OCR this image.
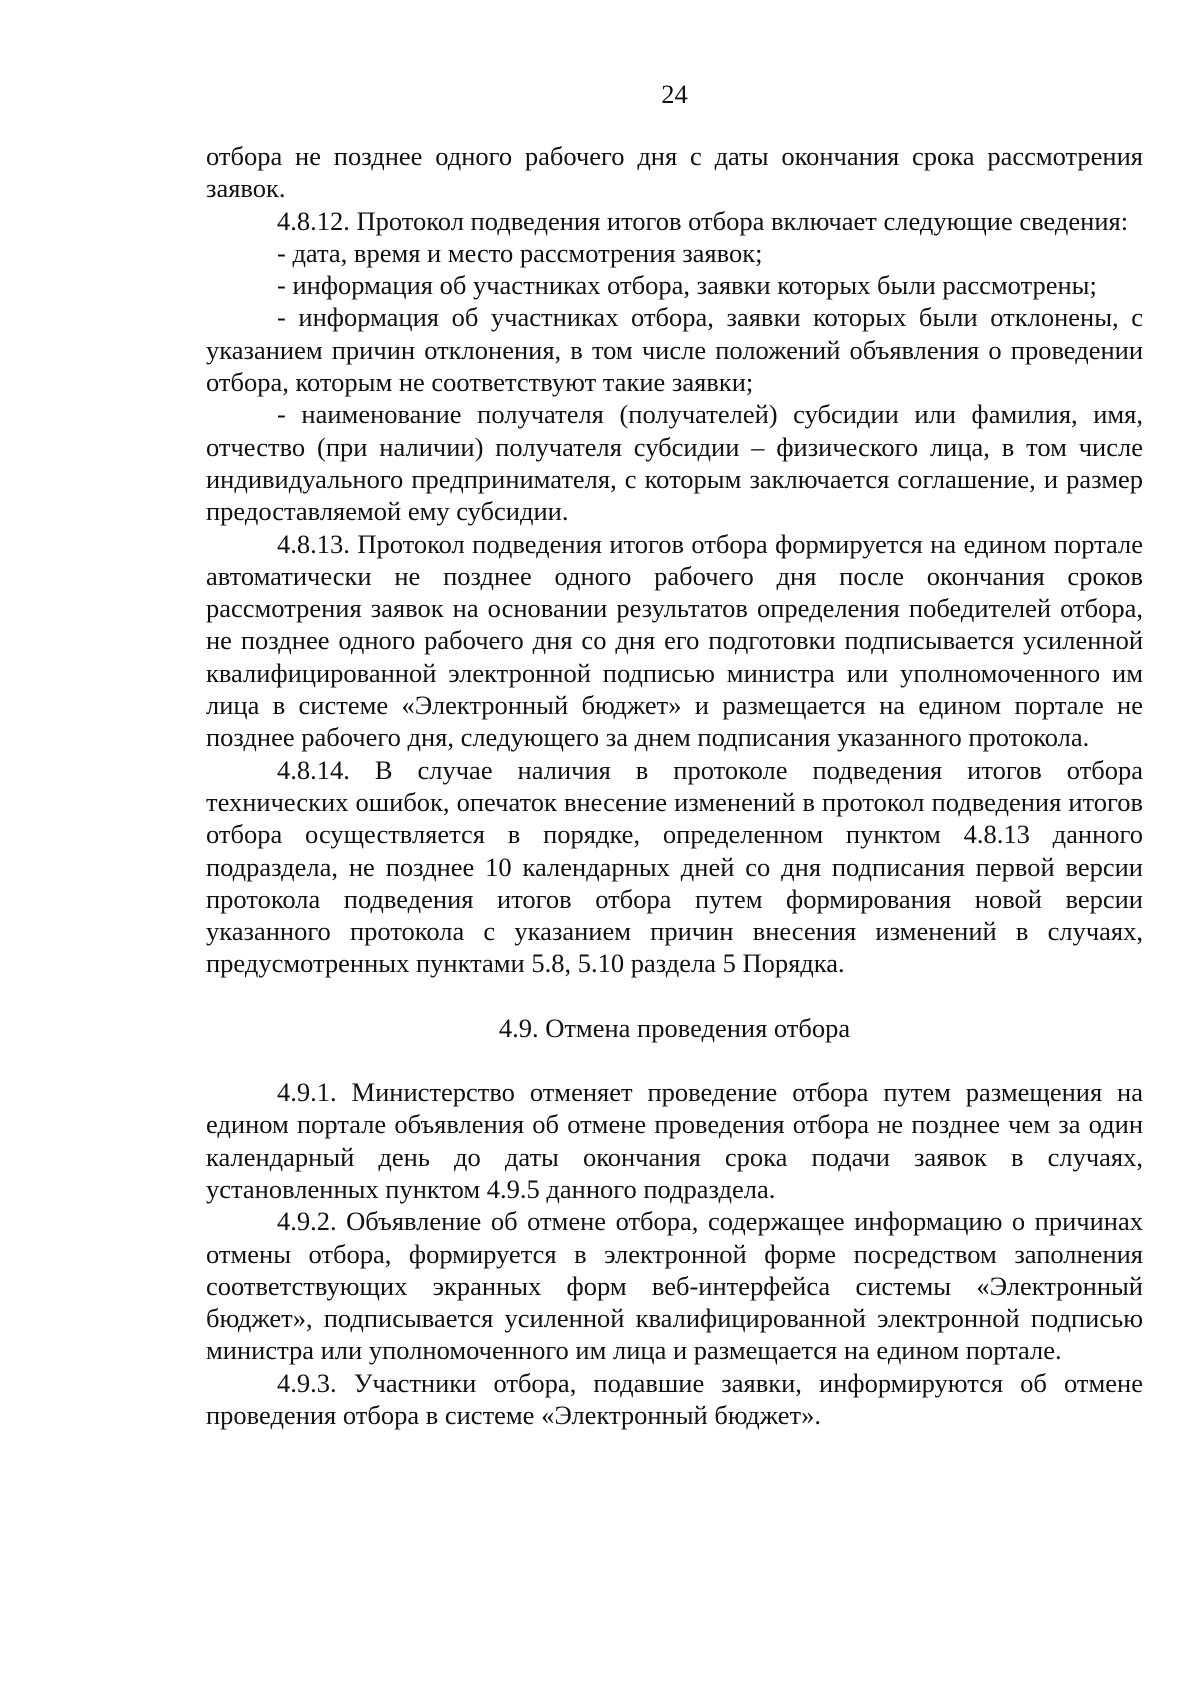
24

отбора не позднее одного рабочего дня с даты окончания срока рассмотрения заявок.

4.8.12. Протокол подведения итогов отбора включает следующие сведения:

- дата, время и место рассмотрения заявок;

- информация об участниках отбора, заявки которых были рассмотрены;

- информация об участниках отбора, заявки которых были отклонены, с указанием причин отклонения, в том числе положений объявления о проведении отбора, которым не соответствуют такие заявки;

- наименование получателя (получателей) субсидии или фамилия, имя, отчество (при наличии) получателя субсидии – физического лица, в том числе индивидуального предпринимателя, с которым заключается соглашение, и размер предоставляемой ему субсидии.

4.8.13. Протокол подведения итогов отбора формируется на едином портале автоматически не позднее одного рабочего дня после окончания сроков рассмотрения заявок на основании результатов определения победителей отбора, не позднее одного рабочего дня со дня его подготовки подписывается усиленной квалифицированной электронной подписью министра или уполномоченного им лица в системе «Электронный бюджет» и размещается на едином портале не позднее рабочего дня, следующего за днем подписания указанного протокола.

4.8.14. В случае наличия в протоколе подведения итогов отбора технических ошибок, опечаток внесение изменений в протокол подведения итогов отбора осуществляется в порядке, определенном пунктом 4.8.13 данного подраздела, не позднее 10 календарных дней со дня подписания первой версии протокола подведения итогов отбора путем формирования новой версии указанного протокола с указанием причин внесения изменений в случаях, предусмотренных пунктами 5.8, 5.10 раздела 5 Порядка.

4.9. Отмена проведения отбора

4.9.1. Министерство отменяет проведение отбора путем размещения на едином портале объявления об отмене проведения отбора не позднее чем за один календарный день до даты окончания срока подачи заявок в случаях, установленных пунктом 4.9.5 данного подраздела.

4.9.2. Объявление об отмене отбора, содержащее информацию о причинах отмены отбора, формируется в электронной форме посредством заполнения соответствующих экранных форм веб-интерфейса системы «Электронный бюджет», подписывается усиленной квалифицированной электронной подписью министра или уполномоченного им лица и размещается на едином портале.

4.9.3. Участники отбора, подавшие заявки, информируются об отмене проведения отбора в системе «Электронный бюджет».
